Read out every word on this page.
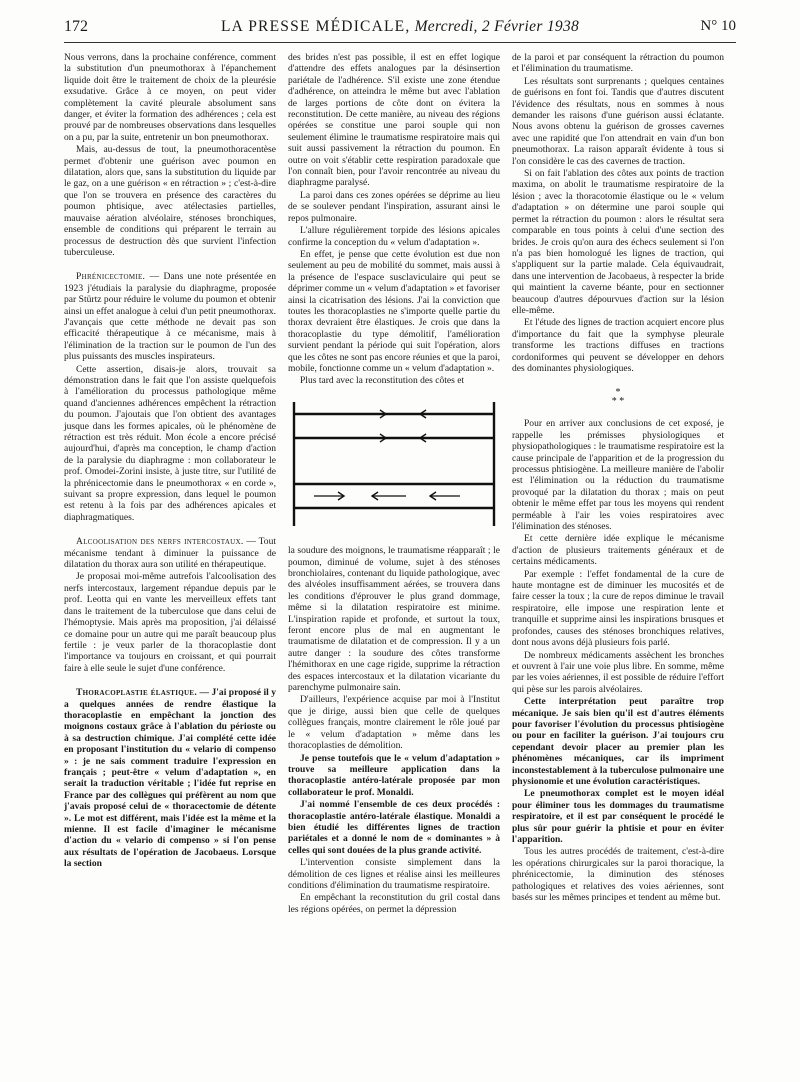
172	LA PRESSE MÉDICALE, Mercredi, 2 Février 1938	N° 10

Nous verrons, dans la prochaine conférence, comment la substitution d'un pneumothorax à l'épanchement liquide doit être le traitement de choix de la pleurésie exsudative. Grâce à ce moyen, on peut vider complètement la cavité pleurale absolument sans danger, et éviter la formation des adhérences ; cela est prouvé par de nombreuses observations dans lesquelles on a pu, par la suite, entretenir un bon pneumothorax.

Mais, au-dessus de tout, la pneumothoracentèse permet d'obtenir une guérison avec poumon en dilatation, alors que, sans la substitution du liquide par le gaz, on a une guérison « en rétraction » ; c'est-à-dire que l'on se trouvera en présence des caractères du poumon phtisique, avec atélectasies partielles, mauvaise aération alvéolaire, sténoses bronchiques, ensemble de conditions qui préparent le terrain au processus de destruction dès que survient l'infection tuberculeuse.

Phrénicectomie. — Dans une note présentée en 1923 j'étudiais la paralysie du diaphragme, proposée par Stürtz pour réduire le volume du poumon et obtenir ainsi un effet analogue à celui d'un petit pneumothorax. J'avançais que cette méthode ne devait pas son efficacité thérapeutique à ce mécanisme, mais à l'élimination de la traction sur le poumon de l'un des plus puissants des muscles inspirateurs.

Cette assertion, disais-je alors, trouvait sa démonstration dans le fait que l'on assiste quelquefois à l'amélioration du processus pathologique même quand d'anciennes adhérences empêchent la rétraction du poumon. J'ajoutais que l'on obtient des avantages jusque dans les formes apicales, où le phénomène de rétraction est très réduit. Mon école a encore précisé aujourd'hui, d'après ma conception, le champ d'action de la paralysie du diaphragme : mon collaborateur le prof. Omodei-Zorini insiste, à juste titre, sur l'utilité de la phrénicectomie dans le pneumothorax « en corde », suivant sa propre expression, dans lequel le poumon est retenu à la fois par des adhérences apicales et diaphragmatiques.

Alcoolisation des nerfs intercostaux. — Tout mécanisme tendant à diminuer la puissance de dilatation du thorax aura son utilité en thérapeutique.

Je proposai moi-même autrefois l'alcoolisation des nerfs intercostaux, largement répandue depuis par le prof. Leotta qui en vante les merveilleux effets tant dans le traitement de la tuberculose que dans celui de l'hémoptysie. Mais après ma proposition, j'ai délaissé ce domaine pour un autre qui me paraît beaucoup plus fertile : je veux parler de la thoracoplastie dont l'importance va toujours en croissant, et qui pourrait faire à elle seule le sujet d'une conférence.

Thoracoplastie élastique. — J'ai proposé il y a quelques années de rendre élastique la thoracoplastie en empêchant la jonction des moignons costaux grâce à l'ablation du périoste ou à sa destruction chimique. J'ai complété cette idée en proposant l'institution du « velario di compenso » : je ne sais comment traduire l'expression en français ; peut-être « velum d'adaptation », en serait la traduction véritable ; l'idée fut reprise en France par des collègues qui préfèrent au nom que j'avais proposé celui de « thoracectomie de détente ». Le mot est différent, mais l'idée est la même et la mienne. Il est facile d'imaginer le mécanisme d'action du « velario di compenso » si l'on pense aux résultats de l'opération de Jacobaeus. Lorsque la section

des brides n'est pas possible, il est en effet logique d'attendre des effets analogues par la désinsertion pariétale de l'adhérence. S'il existe une zone étendue d'adhérence, on atteindra le même but avec l'ablation de larges portions de côte dont on évitera la reconstitution. De cette manière, au niveau des régions opérées se constitue une paroi souple qui non seulement élimine le traumatisme respiratoire mais qui suit aussi passivement la rétraction du poumon. En outre on voit s'établir cette respiration paradoxale que l'on connaît bien, pour l'avoir rencontrée au niveau du diaphragme paralysé.

La paroi dans ces zones opérées se déprime au lieu de se soulever pendant l'inspiration, assurant ainsi le repos pulmonaire.

L'allure régulièrement torpide des lésions apicales confirme la conception du « velum d'adaptation ».

En effet, je pense que cette évolution est due non seulement au peu de mobilité du sommet, mais aussi à la présence de l'espace susclaviculaire qui peut se déprimer comme un « velum d'adaptation » et favoriser ainsi la cicatrisation des lésions. J'ai la conviction que toutes les thoracoplasties ne s'importe quelle partie du thorax devraient être élastiques. Je crois que dans la thoracoplastie du type démolitif, l'amélioration survient pendant la période qui suit l'opération, alors que les côtes ne sont pas encore réunies et que la paroi, mobile, fonctionne comme un « velum d'adaptation ».

Plus tard avec la reconstitution des côtes et

la soudure des moignons, le traumatisme réapparaît ; le poumon, diminué de volume, sujet à des sténoses bronchiolaires, contenant du liquide pathologique, avec des alvéoles insuffisamment aérées, se trouvera dans les conditions d'éprouver le plus grand dommage, même si la dilatation respiratoire est minime. L'inspiration rapide et profonde, et surtout la toux, feront encore plus de mal en augmentant le traumatisme de dilatation et de compression. Il y a un autre danger : la soudure des côtes transforme l'hémithorax en une cage rigide, supprime la rétraction des espaces intercostaux et la dilatation vicariante du parenchyme pulmonaire sain.

D'ailleurs, l'expérience acquise par moi à l'Institut que je dirige, aussi bien que celle de quelques collègues français, montre clairement le rôle joué par le « velum d'adaptation » même dans les thoracoplasties de démolition.

Je pense toutefois que le « velum d'adaptation » trouve sa meilleure application dans la thoracoplastie antéro-latérale proposée par mon collaborateur le prof. Monaldi.

J'ai nommé l'ensemble de ces deux procédés : thoracoplastie antéro-latérale élastique. Monaldi a bien étudié les différentes lignes de traction pariétales et a donné le nom de « dominantes » à celles qui sont douées de la plus grande activité.

L'intervention consiste simplement dans la démolition de ces lignes et réalise ainsi les meilleures conditions d'élimination du traumatisme respiratoire.

En empêchant la reconstitution du gril costal dans les régions opérées, on permet la dépression

de la paroi et par conséquent la rétraction du poumon et l'élimination du traumatisme.

Les résultats sont surprenants ; quelques centaines de guérisons en font foi. Tandis que d'autres discutent l'évidence des résultats, nous en sommes à nous demander les raisons d'une guérison aussi éclatante. Nous avons obtenu la guérison de grosses cavernes avec une rapidité que l'on attendrait en vain d'un bon pneumothorax. La raison apparaît évidente à tous si l'on considère le cas des cavernes de traction.

Si on fait l'ablation des côtes aux points de traction maxima, on abolit le traumatisme respiratoire de la lésion ; avec la thoracotomie élastique ou le « velum d'adaptation » on détermine une paroi souple qui permet la rétraction du poumon : alors le résultat sera comparable en tous points à celui d'une section des brides. Je crois qu'on aura des échecs seulement si l'on n'a pas bien homologué les lignes de traction, qui s'appliquent sur la partie malade. Cela équivaudrait, dans une intervention de Jacobaeus, à respecter la bride qui maintient la caverne béante, pour en sectionner beaucoup d'autres dépourvues d'action sur la lésion elle-même.

Et l'étude des lignes de traction acquiert encore plus d'importance du fait que la symphyse pleurale transforme les tractions diffuses en tractions cordoniformes qui peuvent se développer en dehors des dominantes physiologiques.

*
* *

Pour en arriver aux conclusions de cet exposé, je rappelle les prémisses physiologiques et physiopathologiques : le traumatisme respiratoire est la cause principale de l'apparition et de la progression du processus phtisiogène. La meilleure manière de l'abolir est l'élimination ou la réduction du traumatisme provoqué par la dilatation du thorax ; mais on peut obtenir le même effet par tous les moyens qui rendent perméable à l'air les voies respiratoires avec l'élimination des sténoses.

Et cette dernière idée explique le mécanisme d'action de plusieurs traitements généraux et de certains médicaments.

Par exemple : l'effet fondamental de la cure de haute montagne est de diminuer les mucosités et de faire cesser la toux ; la cure de repos diminue le travail respiratoire, elle impose une respiration lente et tranquille et supprime ainsi les inspirations brusques et profondes, causes des sténoses bronchiques relatives, dont nous avons déjà plusieurs fois parlé.

De nombreux médicaments assèchent les bronches et ouvrent à l'air une voie plus libre. En somme, même par les voies aériennes, il est possible de réduire l'effort qui pèse sur les parois alvéolaires.

Cette interprétation peut paraître trop mécanique. Je sais bien qu'il est d'autres éléments pour favoriser l'évolution du processus phtisiogène ou pour en faciliter la guérison. J'ai toujours cru cependant devoir placer au premier plan les phénomènes mécaniques, car ils impriment inconstestablement à la tuberculose pulmonaire une physionomie et une évolution caractéristiques.

Le pneumothorax complet est le moyen idéal pour éliminer tous les dommages du traumatisme respiratoire, et il est par conséquent le procédé le plus sûr pour guérir la phtisie et pour en éviter l'apparition.

Tous les autres procédés de traitement, c'est-à-dire les opérations chirurgicales sur la paroi thoracique, la phrénicectomie, la diminution des sténoses pathologiques et relatives des voies aériennes, sont basés sur les mêmes principes et tendent au même but.
